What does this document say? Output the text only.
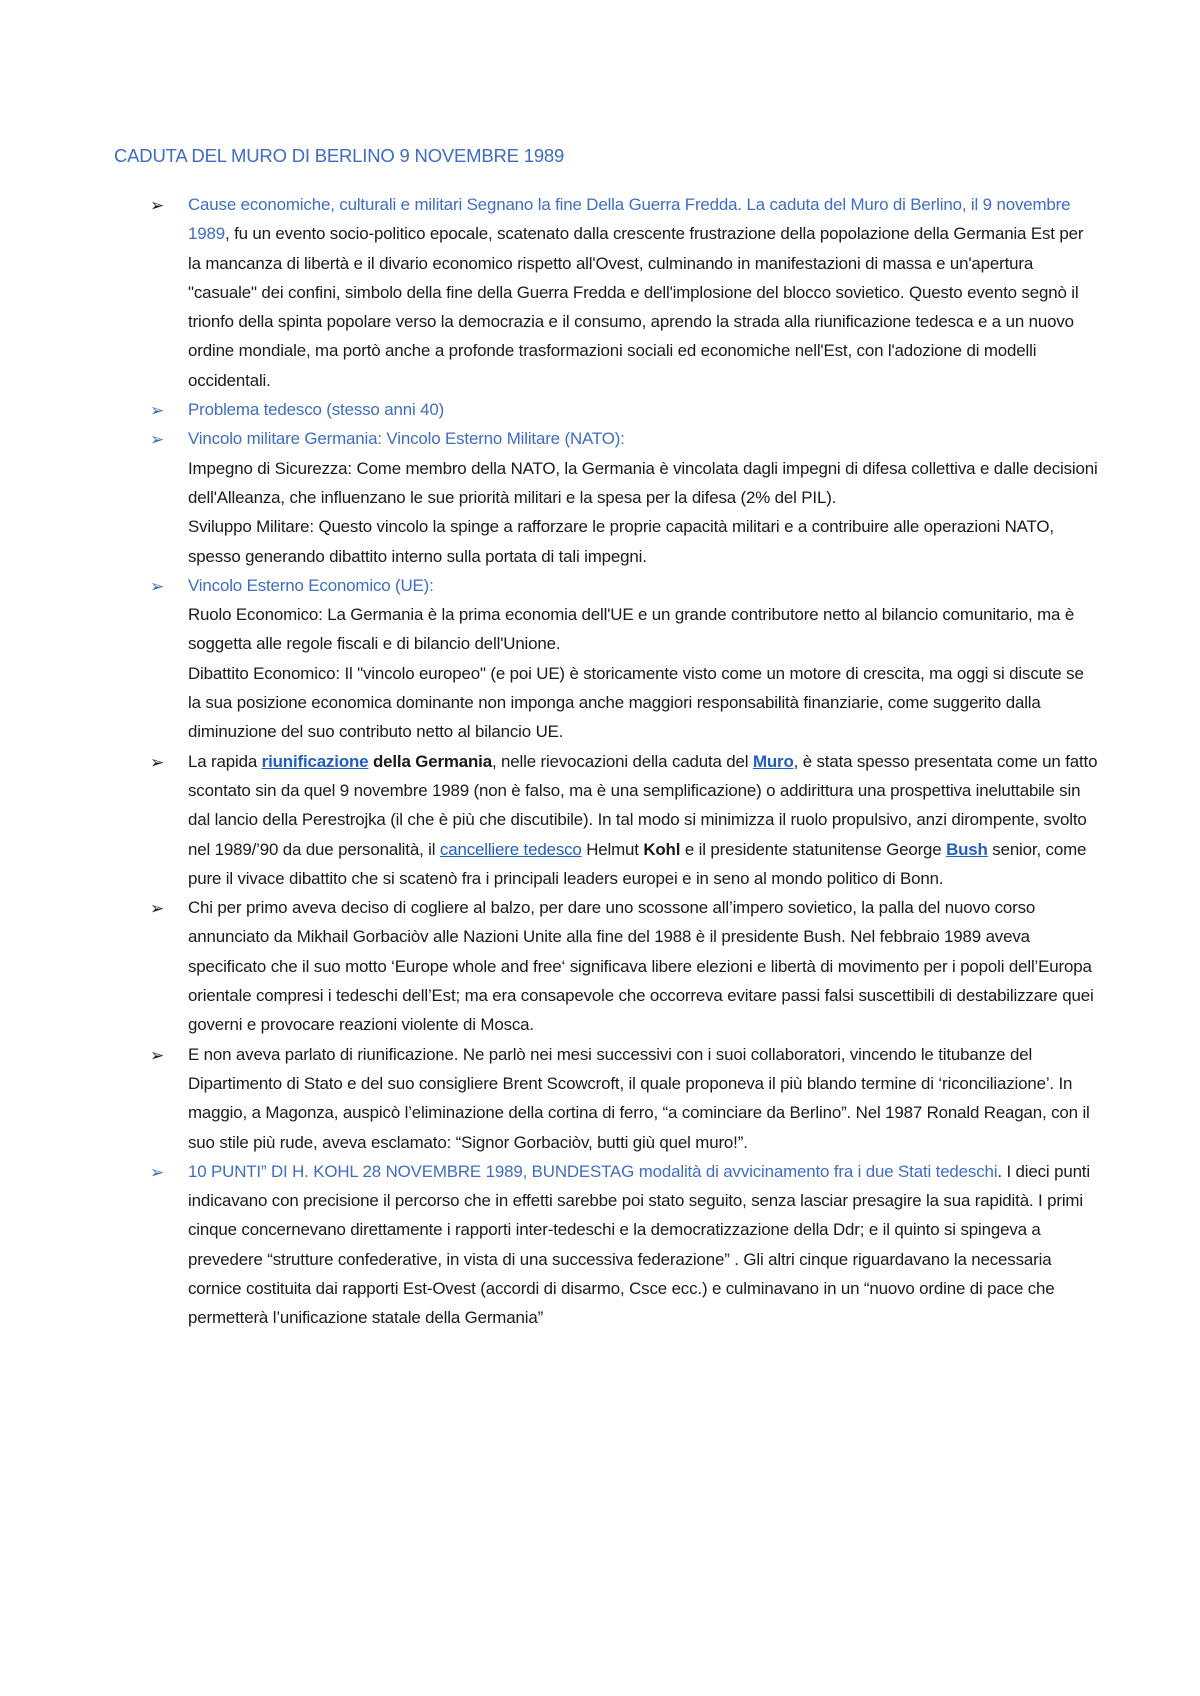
CADUTA DEL MURO DI BERLINO 9 NOVEMBRE 1989
➢ Cause economiche, culturali e militari Segnano la fine Della Guerra Fredda. La caduta del Muro di Berlino, il 9 novembre 1989, fu un evento socio-politico epocale, scatenato dalla crescente frustrazione della popolazione della Germania Est per la mancanza di libertà e il divario economico rispetto all'Ovest, culminando in manifestazioni di massa e un'apertura "casuale" dei confini, simbolo della fine della Guerra Fredda e dell'implosione del blocco sovietico. Questo evento segnò il trionfo della spinta popolare verso la democrazia e il consumo, aprendo la strada alla riunificazione tedesca e a un nuovo ordine mondiale, ma portò anche a profonde trasformazioni sociali ed economiche nell'Est, con l'adozione di modelli occidentali.
➢ Problema tedesco (stesso anni 40)
➢ Vincolo militare Germania: Vincolo Esterno Militare (NATO):
Impegno di Sicurezza: Come membro della NATO, la Germania è vincolata dagli impegni di difesa collettiva e dalle decisioni dell'Alleanza, che influenzano le sue priorità militari e la spesa per la difesa (2% del PIL).
Sviluppo Militare: Questo vincolo la spinge a rafforzare le proprie capacità militari e a contribuire alle operazioni NATO, spesso generando dibattito interno sulla portata di tali impegni.
➢ Vincolo Esterno Economico (UE):
Ruolo Economico: La Germania è la prima economia dell'UE e un grande contributore netto al bilancio comunitario, ma è soggetta alle regole fiscali e di bilancio dell'Unione.
Dibattito Economico: Il "vincolo europeo" (e poi UE) è storicamente visto come un motore di crescita, ma oggi si discute se la sua posizione economica dominante non imponga anche maggiori responsabilità finanziarie, come suggerito dalla diminuzione del suo contributo netto al bilancio UE.
➢ La rapida riunificazione della Germania, nelle rievocazioni della caduta del Muro, è stata spesso presentata come un fatto scontato sin da quel 9 novembre 1989 (non è falso, ma è una semplificazione) o addirittura una prospettiva ineluttabile sin dal lancio della Perestrojka (il che è più che discutibile). In tal modo si minimizza il ruolo propulsivo, anzi dirompente, svolto nel 1989/’90 da due personalità, il cancelliere tedesco Helmut Kohl e il presidente statunitense George Bush senior, come pure il vivace dibattito che si scatenò fra i principali leaders europei e in seno al mondo politico di Bonn.
➢ Chi per primo aveva deciso di cogliere al balzo, per dare uno scossone all’impero sovietico, la palla del nuovo corso annunciato da Mikhail Gorbaciòv alle Nazioni Unite alla fine del 1988 è il presidente Bush. Nel febbraio 1989 aveva specificato che il suo motto ‘Europe whole and free‘ significava libere elezioni e libertà di movimento per i popoli dell’Europa orientale compresi i tedeschi dell’Est; ma era consapevole che occorreva evitare passi falsi suscettibili di destabilizzare quei governi e provocare reazioni violente di Mosca.
➢ E non aveva parlato di riunificazione. Ne parlò nei mesi successivi con i suoi collaboratori, vincendo le titubanze del Dipartimento di Stato e del suo consigliere Brent Scowcroft, il quale proponeva il più blando termine di ‘riconciliazione’. In maggio, a Magonza, auspicò l’eliminazione della cortina di ferro, “a cominciare da Berlino”. Nel 1987 Ronald Reagan, con il suo stile più rude, aveva esclamato: “Signor Gorbaciòv, butti giù quel muro!”.
➢ 10 PUNTI” DI H. KOHL 28 NOVEMBRE 1989, BUNDESTAG modalità di avvicinamento fra i due Stati tedeschi. I dieci punti indicavano con precisione il percorso che in effetti sarebbe poi stato seguito, senza lasciar presagire la sua rapidità. I primi cinque concernevano direttamente i rapporti inter-tedeschi e la democratizzazione della Ddr; e il quinto si spingeva a prevedere “strutture confederative, in vista di una successiva federazione” . Gli altri cinque riguardavano la necessaria cornice costituita dai rapporti Est-Ovest (accordi di disarmo, Csce ecc.) e culminavano in un “nuovo ordine di pace che permetterà l’unificazione statale della Germania”
